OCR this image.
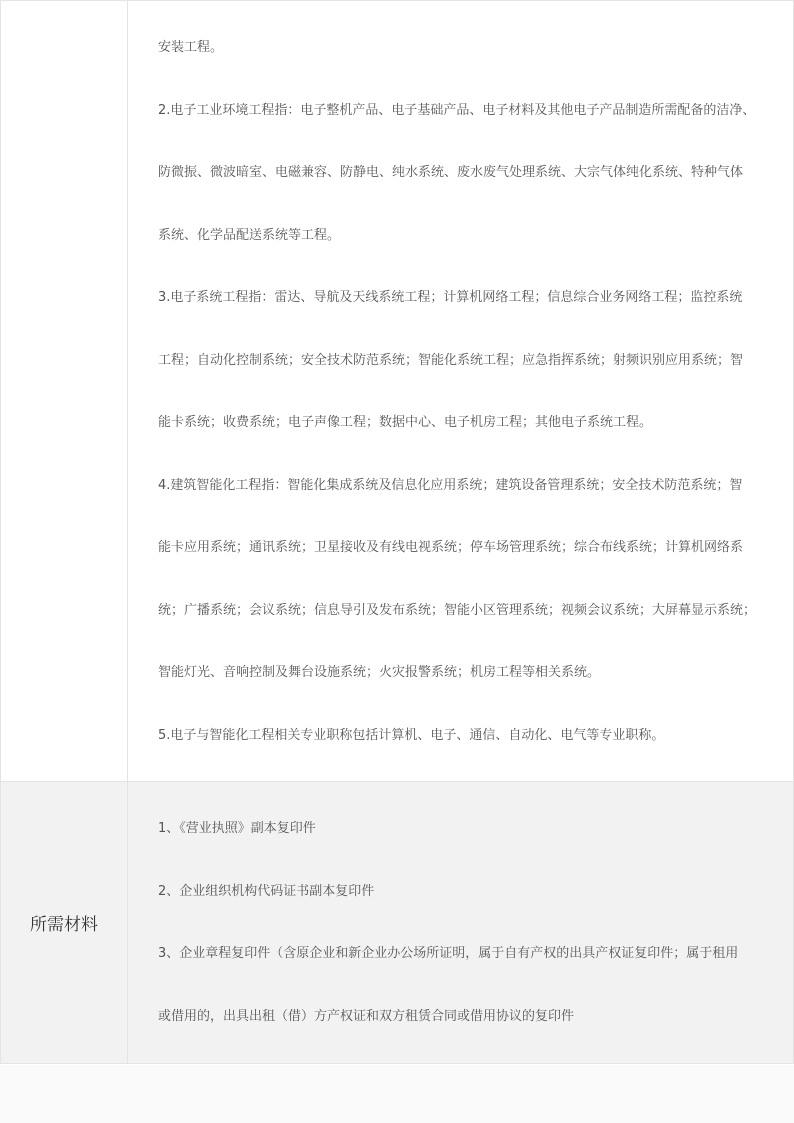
安装工程。

2.电子工业环境工程指：电子整机产品、电子基础产品、电子材料及其他电子产品制造所需配备的洁净、

防微振、微波暗室、电磁兼容、防静电、纯水系统、废水废气处理系统、大宗气体纯化系统、特种气体

系统、化学品配送系统等工程。

3.电子系统工程指：雷达、导航及天线系统工程；计算机网络工程；信息综合业务网络工程；监控系统

工程；自动化控制系统；安全技术防范系统；智能化系统工程；应急指挥系统；射频识别应用系统；智

能卡系统；收费系统；电子声像工程；数据中心、电子机房工程；其他电子系统工程。

4.建筑智能化工程指：智能化集成系统及信息化应用系统；建筑设备管理系统；安全技术防范系统；智

能卡应用系统；通讯系统；卫星接收及有线电视系统；停车场管理系统；综合布线系统；计算机网络系

统；广播系统；会议系统；信息导引及发布系统；智能小区管理系统；视频会议系统；大屏幕显示系统；

智能灯光、音响控制及舞台设施系统；火灾报警系统；机房工程等相关系统。

5.电子与智能化工程相关专业职称包括计算机、电子、通信、自动化、电气等专业职称。

所需材料

1、《营业执照》副本复印件

2、企业组织机构代码证书副本复印件

3、企业章程复印件（含原企业和新企业办公场所证明，属于自有产权的出具产权证复印件；属于租用

或借用的，出具出租（借）方产权证和双方租赁合同或借用协议的复印件
